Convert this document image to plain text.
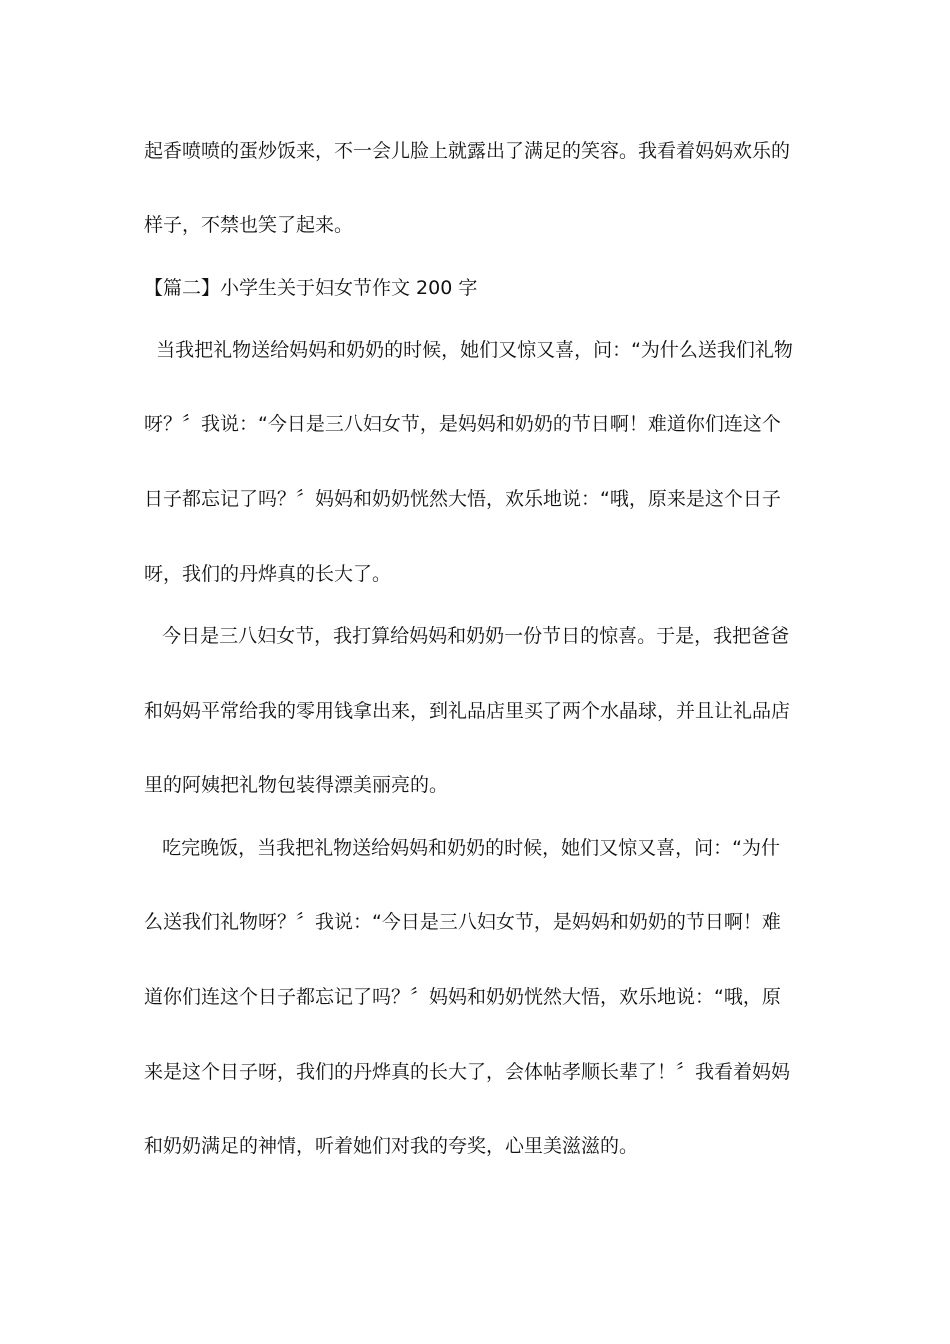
起香喷喷的蛋炒饭来，不一会儿脸上就露出了满足的笑容。我看着妈妈欢乐的
样子，不禁也笑了起来。
【篇二】小学生关于妇女节作文 200 字
当我把礼物送给妈妈和奶奶的时候，她们又惊又喜，问：“为什么送我们礼物
呀？〞我说：“今日是三八妇女节，是妈妈和奶奶的节日啊！难道你们连这个
日子都忘记了吗？〞妈妈和奶奶恍然大悟，欢乐地说：“哦，原来是这个日子
呀，我们的丹烨真的长大了。
今日是三八妇女节，我打算给妈妈和奶奶一份节日的惊喜。于是，我把爸爸
和妈妈平常给我的零用钱拿出来，到礼品店里买了两个水晶球，并且让礼品店
里的阿姨把礼物包装得漂美丽亮的。
吃完晚饭，当我把礼物送给妈妈和奶奶的时候，她们又惊又喜，问：“为什
么送我们礼物呀？〞我说：“今日是三八妇女节，是妈妈和奶奶的节日啊！难
道你们连这个日子都忘记了吗？〞妈妈和奶奶恍然大悟，欢乐地说：“哦，原
来是这个日子呀，我们的丹烨真的长大了，会体帖孝顺长辈了！〞我看着妈妈
和奶奶满足的神情，听着她们对我的夸奖，心里美滋滋的。
